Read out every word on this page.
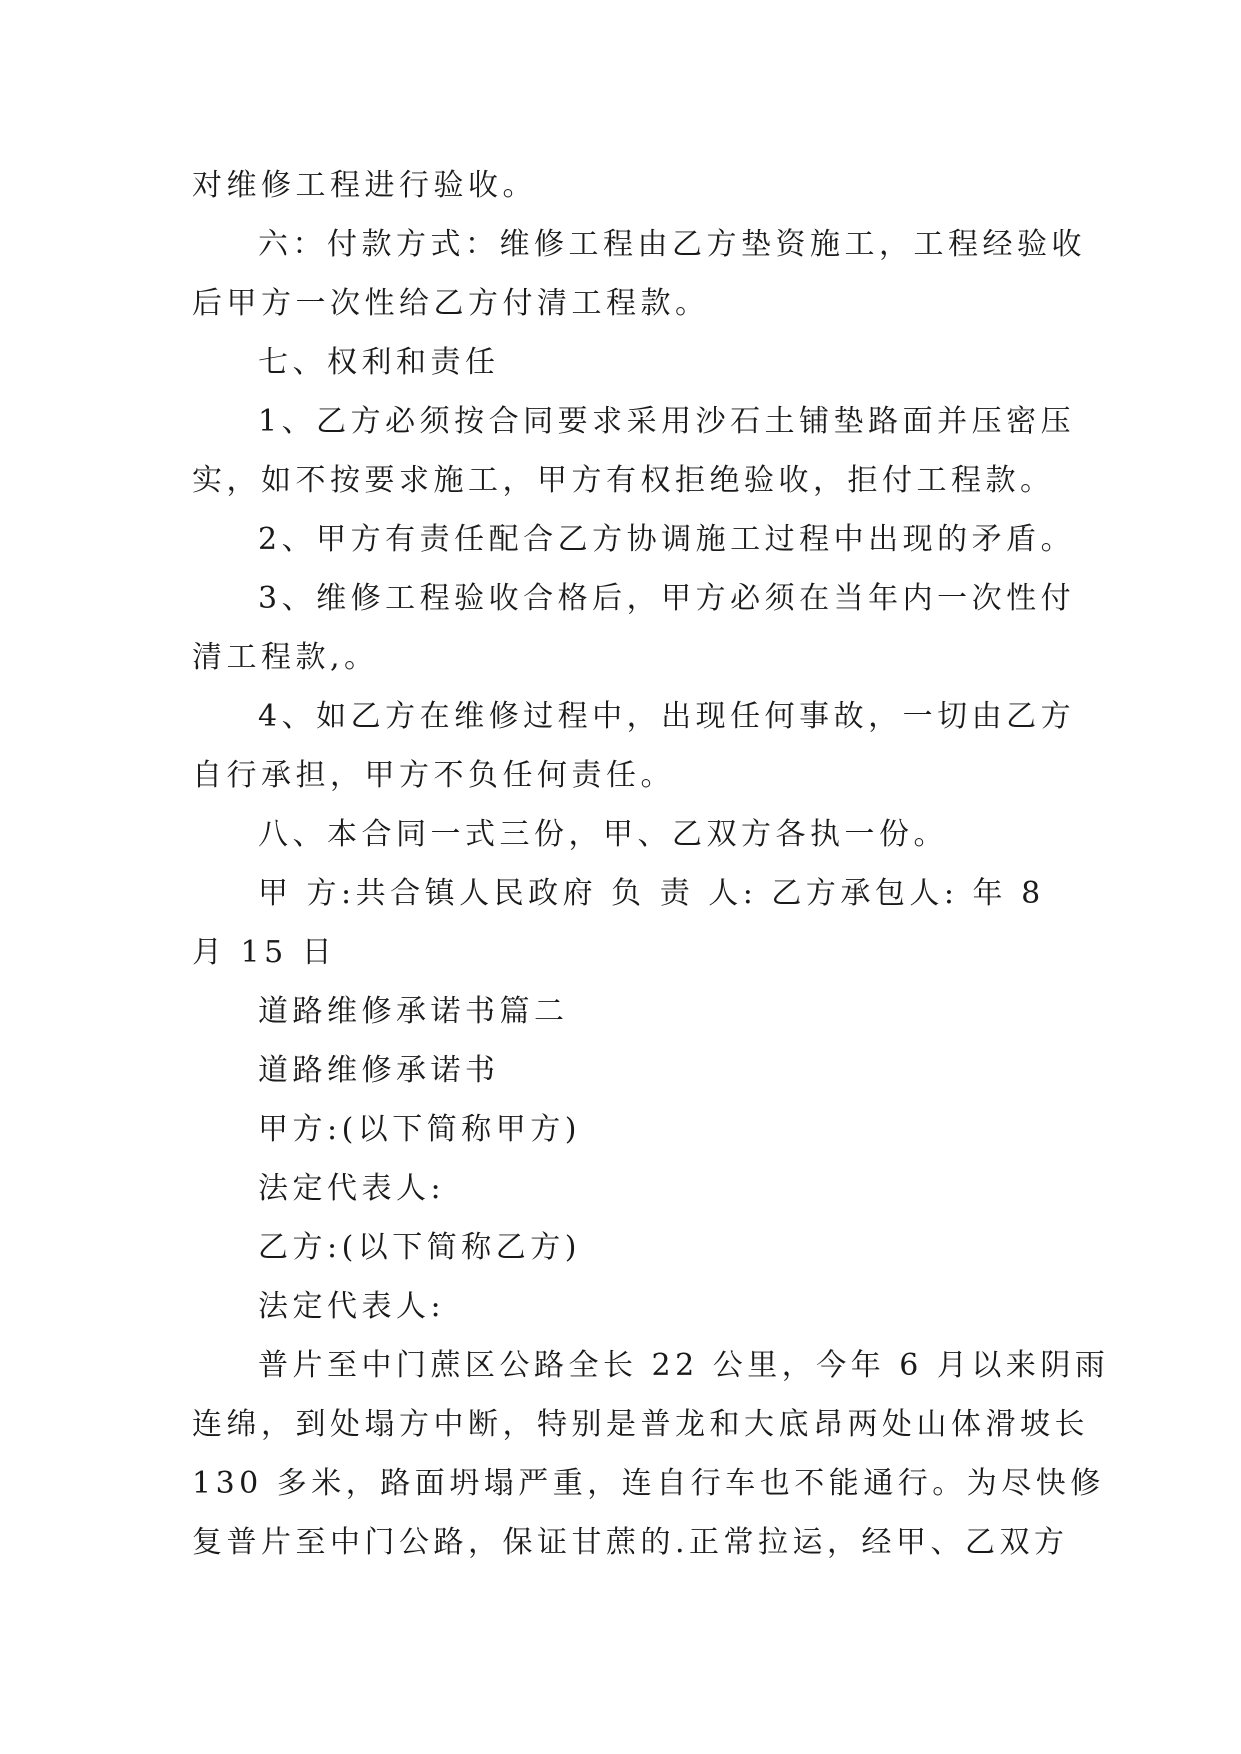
对维修工程进行验收。
六：付款方式：维修工程由乙方垫资施工，工程经验收
后甲方一次性给乙方付清工程款。
七、权利和责任
1、乙方必须按合同要求采用沙石土铺垫路面并压密压
实，如不按要求施工，甲方有权拒绝验收，拒付工程款。
2、甲方有责任配合乙方协调施工过程中出现的矛盾。
3、维修工程验收合格后，甲方必须在当年内一次性付
清工程款,。
4、如乙方在维修过程中，出现任何事故，一切由乙方
自行承担，甲方不负任何责任。
八、本合同一式三份，甲、乙双方各执一份。
甲 方:共合镇人民政府 负 责 人: 乙方承包人: 年 8
月 15 日
道路维修承诺书篇二
道路维修承诺书
甲方:(以下简称甲方)
法定代表人:
乙方:(以下简称乙方)
法定代表人:
普片至中门蔗区公路全长 22 公里，今年 6 月以来阴雨
连绵，到处塌方中断，特别是普龙和大底昂两处山体滑坡长
130 多米，路面坍塌严重，连自行车也不能通行。为尽快修
复普片至中门公路，保证甘蔗的.正常拉运，经甲、乙双方
